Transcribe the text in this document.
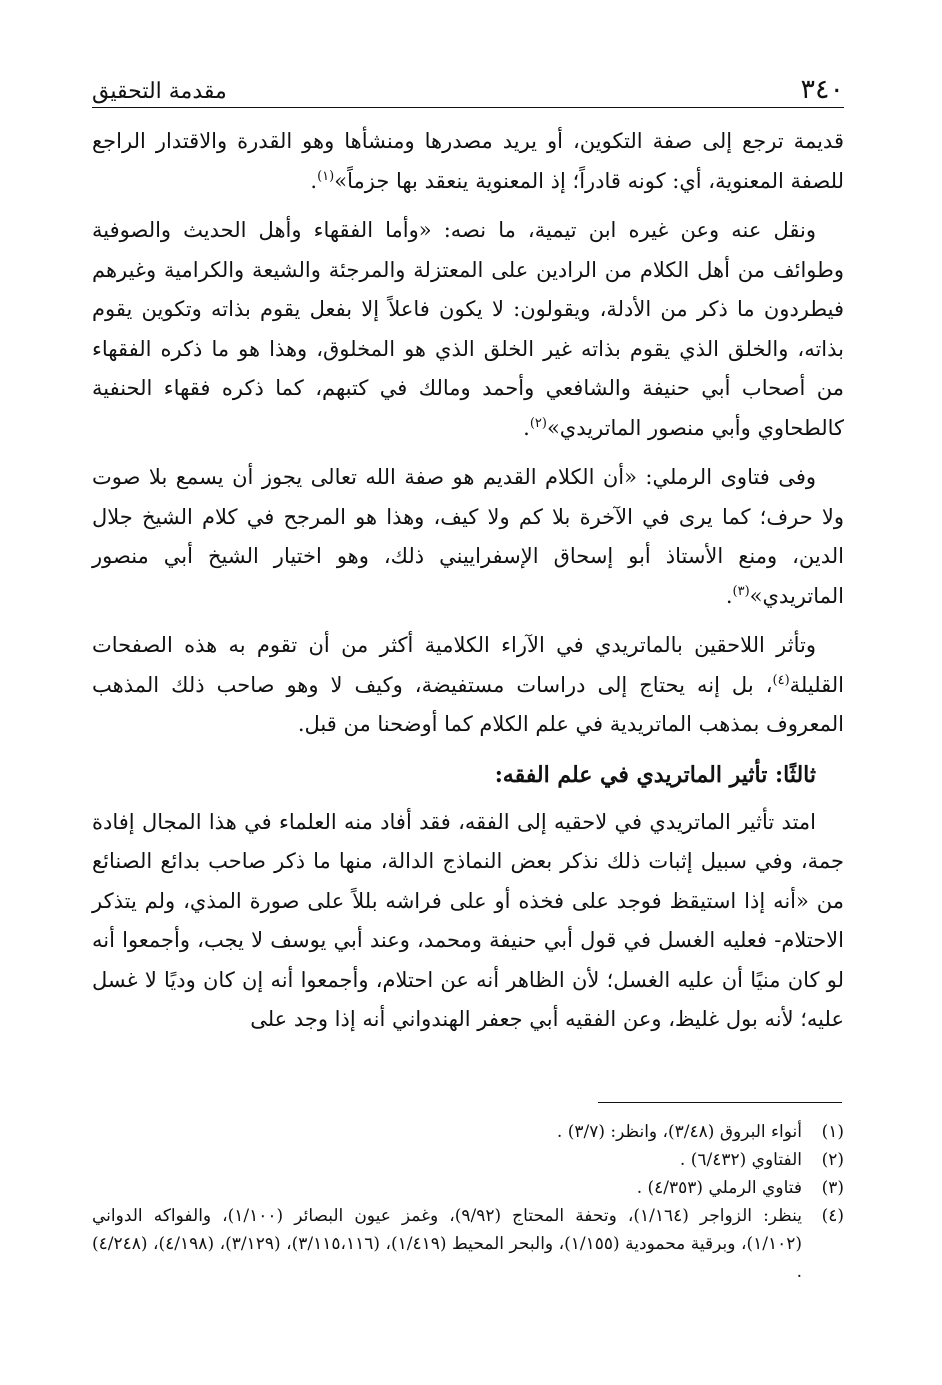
٣٤٠
مقدمة التحقيق

قديمة ترجع إلى صفة التكوين، أو يريد مصدرها ومنشأها وهو القدرة والاقتدار الراجع للصفة المعنوية، أي: كونه قادراً؛ إذ المعنوية ينعقد بها جزماً»$^{(١)}$.

ونقل عنه وعن غيره ابن تيمية، ما نصه: «وأما الفقهاء وأهل الحديث والصوفية وطوائف من أهل الكلام من الرادين على المعتزلة والمرجئة والشيعة والكرامية وغيرهم فيطردون ما ذكر من الأدلة، ويقولون: لا يكون فاعلاً إلا بفعل يقوم بذاته وتكوين يقوم بذاته، والخلق الذي يقوم بذاته غير الخلق الذي هو المخلوق، وهذا هو ما ذكره الفقهاء من أصحاب أبي حنيفة والشافعي وأحمد ومالك في كتبهم، كما ذكره فقهاء الحنفية كالطحاوي وأبي منصور الماتريدي»$^{(٢)}$.

وفى فتاوى الرملي: «أن الكلام القديم هو صفة الله تعالى يجوز أن يسمع بلا صوت ولا حرف؛ كما يرى في الآخرة بلا كم ولا كيف، وهذا هو المرجح في كلام الشيخ جلال الدين، ومنع الأستاذ أبو إسحاق الإسفراييني ذلك، وهو اختيار الشيخ أبي منصور الماتريدي»$^{(٣)}$.

وتأثر اللاحقين بالماتريدي في الآراء الكلامية أكثر من أن تقوم به هذه الصفحات القليلة$^{(٤)}$، بل إنه يحتاج إلى دراسات مستفيضة، وكيف لا وهو صاحب ذلك المذهب المعروف بمذهب الماتريدية في علم الكلام كما أوضحنا من قبل.

ثالثًا: تأثير الماتريدي في علم الفقه:

امتد تأثير الماتريدي في لاحقيه إلى الفقه، فقد أفاد منه العلماء في هذا المجال إفادة جمة، وفي سبيل إثبات ذلك نذكر بعض النماذج الدالة، منها ما ذكر صاحب بدائع الصنائع من «أنه إذا استيقظ فوجد على فخذه أو على فراشه بللاً على صورة المذي، ولم يتذكر الاحتلام- فعليه الغسل في قول أبي حنيفة ومحمد، وعند أبي يوسف لا يجب، وأجمعوا أنه لو كان منيًا أن عليه الغسل؛ لأن الظاهر أنه عن احتلام، وأجمعوا أنه إن كان وديًا لا غسل عليه؛ لأنه بول غليظ، وعن الفقيه أبي جعفر الهندواني أنه إذا وجد على

(١)
أنواء البروق (٣/٤٨)، وانظر: (٣/٧) .
(٢)
الفتاوي (٦/٤٣٢) .
(٣)
فتاوي الرملي (٤/٣٥٣) .
(٤)
ينظر: الزواجر (١/١٦٤)، وتحفة المحتاج (٩/٩٢)، وغمز عيون البصائر (١/١٠٠)، والفواكه الدواني (١/١٠٢)، وبرقية محمودية (١/١٥٥)، والبحر المحيط (١/٤١٩)، (٣/١١٥،١١٦)، (٣/١٢٩)، (٤/١٩٨)، (٤/٢٤٨) .
